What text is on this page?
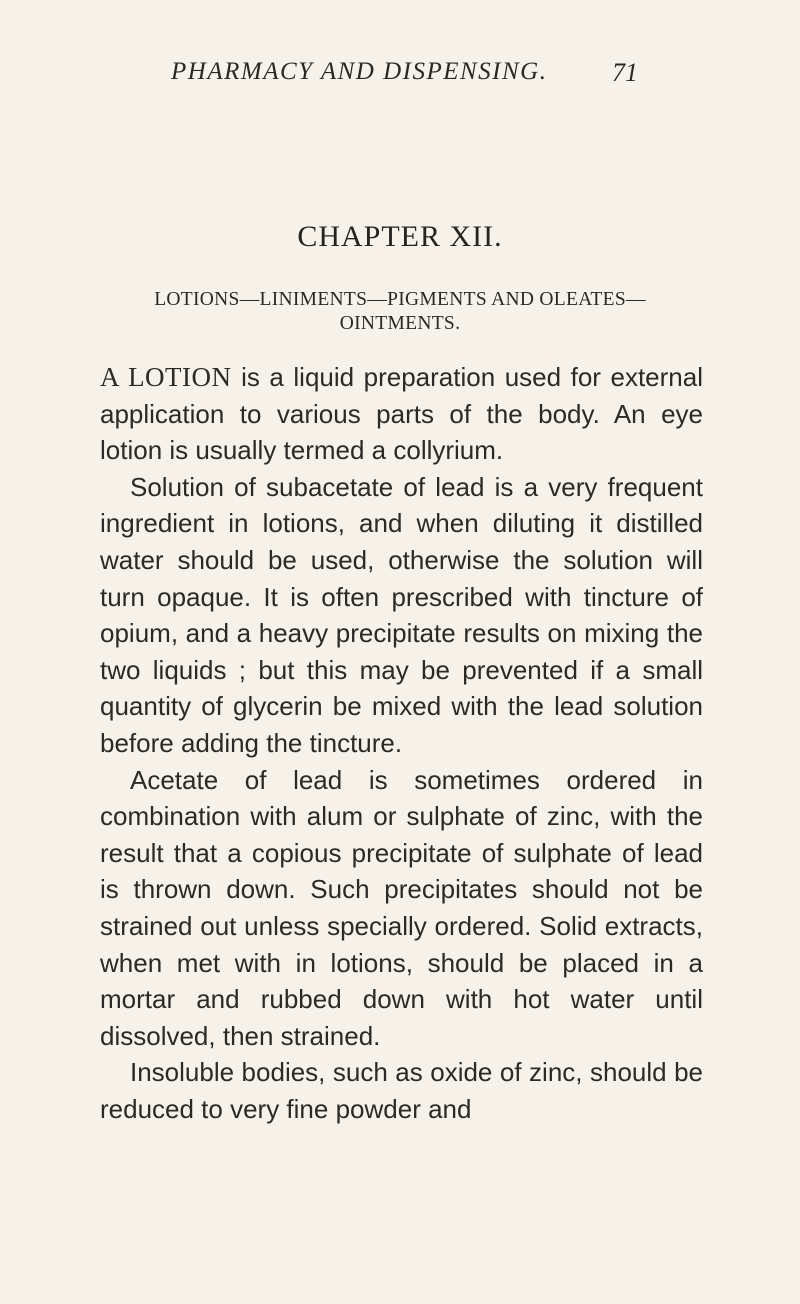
PHARMACY AND DISPENSING.	71
CHAPTER XII.
LOTIONS—LINIMENTS—PIGMENTS AND OLEATES—
OINTMENTS.

A LOTION is a liquid preparation used for external application to various parts of the body. An eye lotion is usually termed a collyrium.

Solution of subacetate of lead is a very frequent ingredient in lotions, and when diluting it distilled water should be used, otherwise the solution will turn opaque. It is often prescribed with tincture of opium, and a heavy precipitate results on mixing the two liquids ; but this may be prevented if a small quantity of glycerin be mixed with the lead solution before adding the tincture.

Acetate of lead is sometimes ordered in combination with alum or sulphate of zinc, with the result that a copious precipitate of sulphate of lead is thrown down. Such precipitates should not be strained out unless specially ordered. Solid extracts, when met with in lotions, should be placed in a mortar and rubbed down with hot water until dissolved, then strained.

Insoluble bodies, such as oxide of zinc, should be reduced to very fine powder and
